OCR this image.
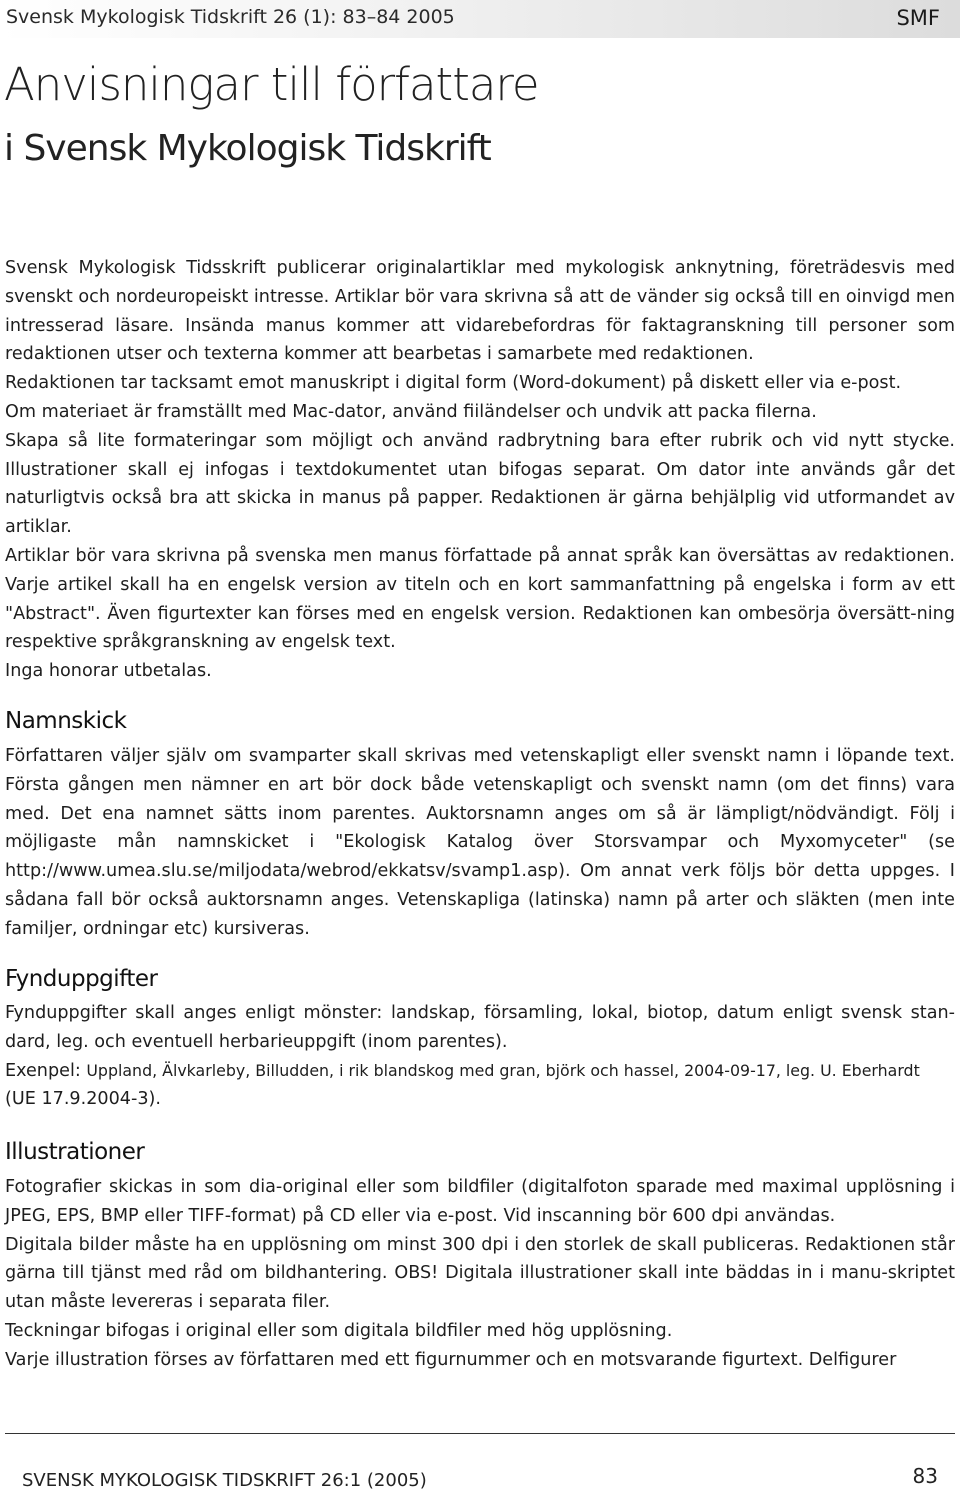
Svensk Mykologisk Tidskrift 26 (1): 83–84 2005	SMF
Anvisningar till författare
i Svensk Mykologisk Tidskrift

Svensk Mykologisk Tidsskrift publicerar originalartiklar med mykologisk anknytning, företrädesvis med svenskt och nordeuropeiskt intresse. Artiklar bör vara skrivna så att de vänder sig också till en oinvigd men intresserad läsare. Insända manus kommer att vidarebefordras för faktagranskning till personer som redaktionen utser och texterna kommer att bearbetas i samarbete med redaktionen.

Redaktionen tar tacksamt emot manuskript i digital form (Word-dokument) på diskett eller via e-post.

Om materiaet är framställt med Mac-dator, använd fiiländelser och undvik att packa filerna.

Skapa så lite formateringar som möjligt och använd radbrytning bara efter rubrik och vid nytt stycke. Illustrationer skall ej infogas i textdokumentet utan bifogas separat. Om dator inte används går det naturligtvis också bra att skicka in manus på papper. Redaktionen är gärna behjälplig vid utformandet av artiklar.

Artiklar bör vara skrivna på svenska men manus författade på annat språk kan översättas av redaktionen. Varje artikel skall ha en engelsk version av titeln och en kort sammanfattning på engelska i form av ett "Abstract". Även figurtexter kan förses med en engelsk version. Redaktionen kan ombesörja översätt-ning respektive språkgranskning av engelsk text.

Inga honorar utbetalas.

Namnskick

Författaren väljer själv om svamparter skall skrivas med vetenskapligt eller svenskt namn i löpande text. Första gången men nämner en art bör dock både vetenskapligt och svenskt namn (om det finns) vara med. Det ena namnet sätts inom parentes. Auktorsnamn anges om så är lämpligt/nödvändigt. Följ i möjligaste mån namnskicket i "Ekologisk Katalog över Storsvampar och Myxomyceter" (se http://www.umea.slu.se/miljodata/webrod/ekkatsv/svamp1.asp). Om annat verk följs bör detta uppges. I sådana fall bör också auktorsnamn anges. Vetenskapliga (latinska) namn på arter och släkten (men inte familjer, ordningar etc) kursiveras.

Fynduppgifter

Fynduppgifter skall anges enligt mönster: landskap, församling, lokal, biotop, datum enligt svensk stan-dard, leg. och eventuell herbarieuppgift (inom parentes).

Exenpel: Uppland, Älvkarleby, Billudden, i rik blandskog med gran, björk och hassel, 2004-09-17, leg. U. Eberhardt

(UE 17.9.2004-3).

Illustrationer

Fotografier skickas in som dia-original eller som bildfiler (digitalfoton sparade med maximal upplösning i JPEG, EPS, BMP eller TIFF-format) på CD eller via e-post. Vid inscanning bör 600 dpi användas.

Digitala bilder måste ha en upplösning om minst 300 dpi i den storlek de skall publiceras. Redaktionen står gärna till tjänst med råd om bildhantering. OBS! Digitala illustrationer skall inte bäddas in i manu-skriptet utan måste levereras i separata filer.

Teckningar bifogas i original eller som digitala bildfiler med hög upplösning.

Varje illustration förses av författaren med ett figurnummer och en motsvarande figurtext. Delfigurer

SVENSK MYKOLOGISK TIDSKRIFT 26:1 (2005)	83
